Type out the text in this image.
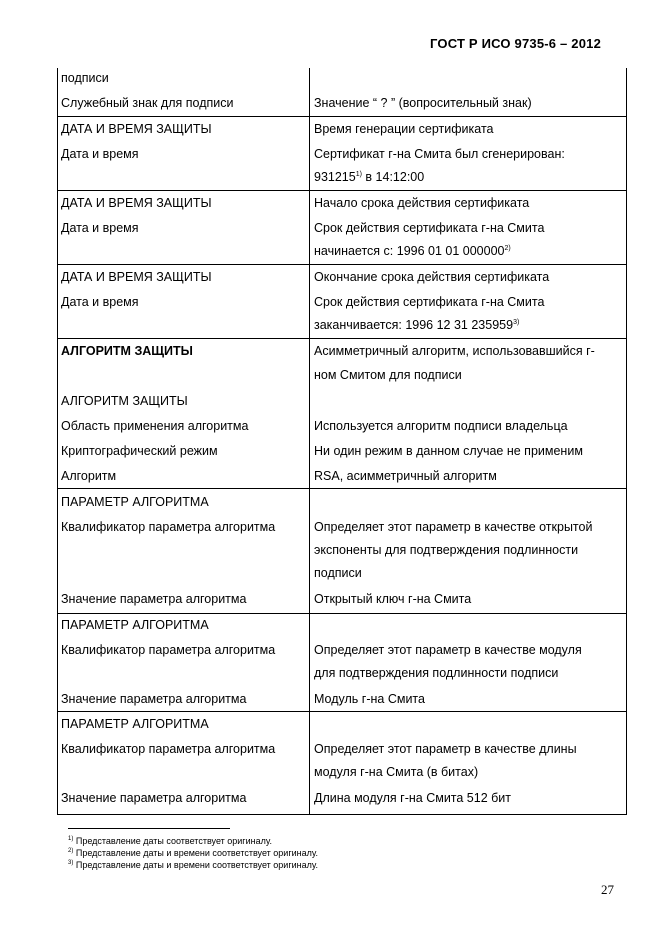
ГОСТ Р ИСО 9735-6 – 2012
подписи
Служебный знак для подписи	Значение “ ? ” (вопросительный знак)
ДАТА И ВРЕМЯ ЗАЩИТЫ	Время генерации сертификата
Дата и время	Сертификат г-на Смита был сгенерирован:
931215$^{1)}$ в 14:12:00
ДАТА И ВРЕМЯ ЗАЩИТЫ	Начало срока действия сертификата
Дата и время	Срок действия сертификата г-на Смита
начинается с: 1996 01 01 000000$^{2)}$
ДАТА И ВРЕМЯ ЗАЩИТЫ	Окончание срока действия сертификата
Дата и время	Срок действия сертификата г-на Смита
заканчивается: 1996 12 31 235959$^{3)}$
АЛГОРИТМ ЗАЩИТЫ	Асимметричный алгоритм, использовавшийся г-
ном Смитом для подписи
АЛГОРИТМ ЗАЩИТЫ
Область применения алгоритма	Используется алгоритм подписи владельца
Криптографический режим	Ни один режим в данном случае не применим
Алгоритм	RSA, асимметричный алгоритм
ПАРАМЕТР АЛГОРИТМА
Квалификатор параметра алгоритма	Определяет этот параметр в качестве открытой
экспоненты для подтверждения подлинности
подписи
Значение параметра алгоритма	Открытый ключ г-на Смита
ПАРАМЕТР АЛГОРИТМА
Квалификатор параметра алгоритма	Определяет этот параметр в качестве модуля
для подтверждения подлинности подписи
Значение параметра алгоритма	Модуль г-на Смита
ПАРАМЕТР АЛГОРИТМА
Квалификатор параметра алгоритма	Определяет этот параметр в качестве длины
модуля г-на Смита (в битах)
Значение параметра алгоритма	Длина модуля г-на Смита 512 бит
$^{1)}$ Представление даты соответствует оригиналу.
$^{2)}$ Представление даты и времени соответствует оригиналу.
$^{3)}$ Представление даты и времени соответствует оригиналу.
27
